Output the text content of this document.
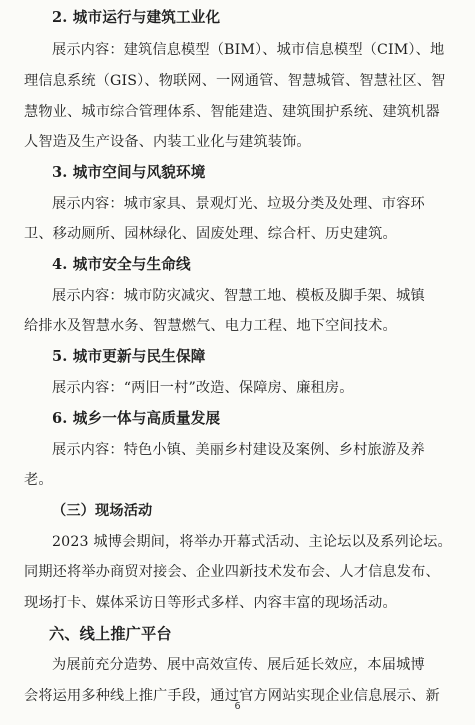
2. 城市运行与建筑工业化
展示内容：建筑信息模型（BIM）、城市信息模型（CIM）、地
理信息系统（GIS）、物联网、一网通管、智慧城管、智慧社区、智
慧物业、城市综合管理体系、智能建造、建筑围护系统、建筑机器
人智造及生产设备、内装工业化与建筑装饰。
3. 城市空间与风貌环境
展示内容：城市家具、景观灯光、垃圾分类及处理、市容环
卫、移动厕所、园林绿化、固废处理、综合杆、历史建筑。
4. 城市安全与生命线
展示内容：城市防灾减灾、智慧工地、模板及脚手架、城镇
给排水及智慧水务、智慧燃气、电力工程、地下空间技术。
5. 城市更新与民生保障
展示内容：“两旧一村”改造、保障房、廉租房。
6. 城乡一体与高质量发展
展示内容：特色小镇、美丽乡村建设及案例、乡村旅游及养
老。
（三）现场活动
2023 城博会期间，将举办开幕式活动、主论坛以及系列论坛。
同期还将举办商贸对接会、企业四新技术发布会、人才信息发布、
现场打卡、媒体采访日等形式多样、内容丰富的现场活动。
六、线上推广平台
为展前充分造势、展中高效宣传、展后延长效应，本届城博
会将运用多种线上推广手段，通过官方网站实现企业信息展示、新
6
